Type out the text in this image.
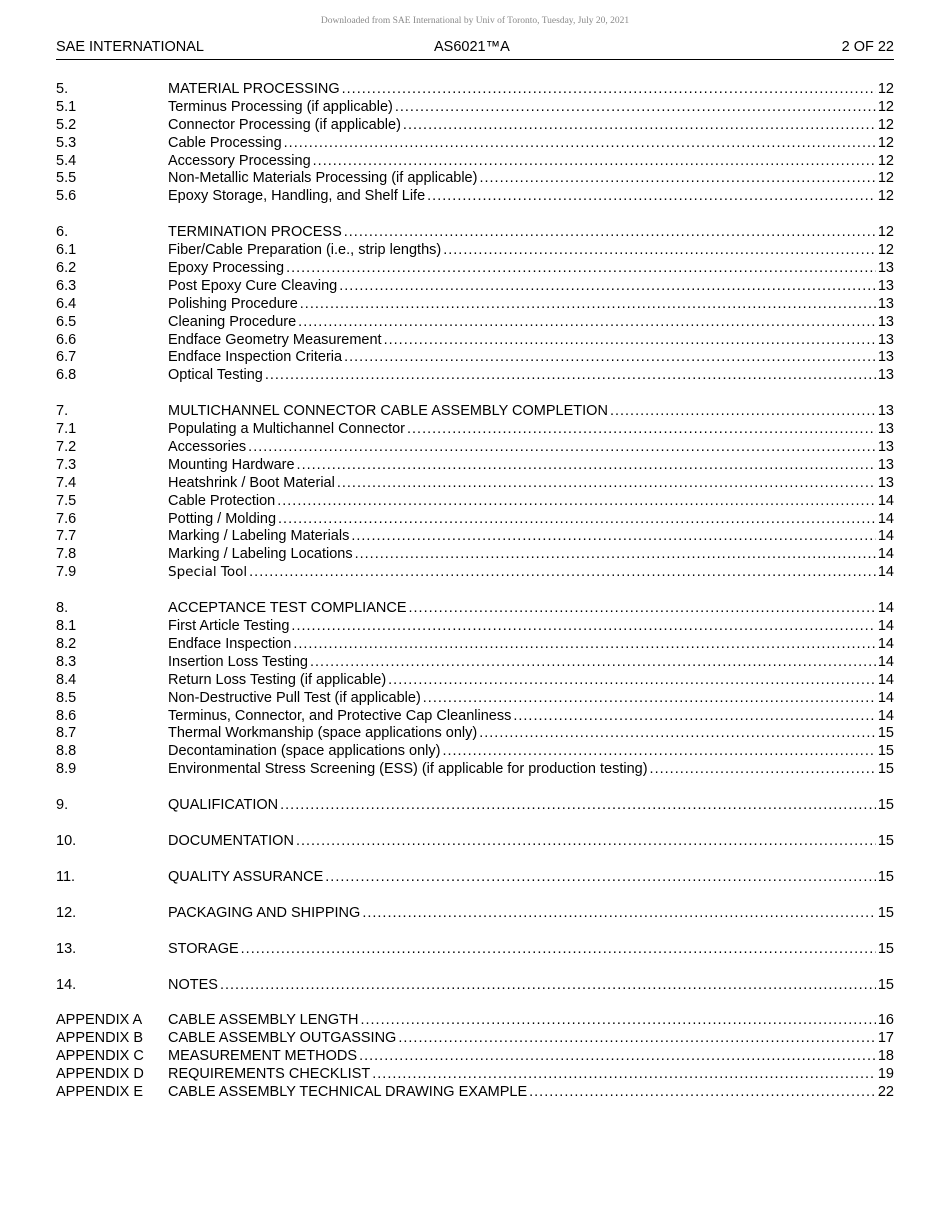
Downloaded from SAE International by Univ of Toronto, Tuesday, July 20, 2021
SAE INTERNATIONAL	AS6021™A	2 OF 22
5.	MATERIAL PROCESSING .....	12
5.1	Terminus Processing (if applicable) .....	12
5.2	Connector Processing (if applicable) .....	12
5.3	Cable Processing .....	12
5.4	Accessory Processing .....	12
5.5	Non-Metallic Materials Processing (if applicable) .....	12
5.6	Epoxy Storage, Handling, and Shelf Life .....	12
6.	TERMINATION PROCESS .....	12
6.1	Fiber/Cable Preparation (i.e., strip lengths) .....	12
6.2	Epoxy Processing .....	13
6.3	Post Epoxy Cure Cleaving .....	13
6.4	Polishing Procedure .....	13
6.5	Cleaning Procedure .....	13
6.6	Endface Geometry Measurement .....	13
6.7	Endface Inspection Criteria .....	13
6.8	Optical Testing .....	13
7.	MULTICHANNEL CONNECTOR CABLE ASSEMBLY COMPLETION .....	13
7.1	Populating a Multichannel Connector .....	13
7.2	Accessories .....	13
7.3	Mounting Hardware .....	13
7.4	Heatshrink / Boot Material .....	13
7.5	Cable Protection .....	14
7.6	Potting / Molding .....	14
7.7	Marking / Labeling Materials .....	14
7.8	Marking / Labeling Locations .....	14
7.9	Special Tool .....	14
8.	ACCEPTANCE TEST COMPLIANCE .....	14
8.1	First Article Testing .....	14
8.2	Endface Inspection .....	14
8.3	Insertion Loss Testing .....	14
8.4	Return Loss Testing (if applicable) .....	14
8.5	Non-Destructive Pull Test (if applicable) .....	14
8.6	Terminus, Connector, and Protective Cap Cleanliness .....	14
8.7	Thermal Workmanship (space applications only) .....	15
8.8	Decontamination (space applications only) .....	15
8.9	Environmental Stress Screening (ESS) (if applicable for production testing) .....	15
9.	QUALIFICATION .....	15
10.	DOCUMENTATION .....	15
11.	QUALITY ASSURANCE .....	15
12.	PACKAGING AND SHIPPING .....	15
13.	STORAGE .....	15
14.	NOTES .....	15
APPENDIX A	CABLE ASSEMBLY LENGTH .....	16
APPENDIX B	CABLE ASSEMBLY OUTGASSING .....	17
APPENDIX C	MEASUREMENT METHODS .....	18
APPENDIX D	REQUIREMENTS CHECKLIST .....	19
APPENDIX E	CABLE ASSEMBLY TECHNICAL DRAWING EXAMPLE .....	22
